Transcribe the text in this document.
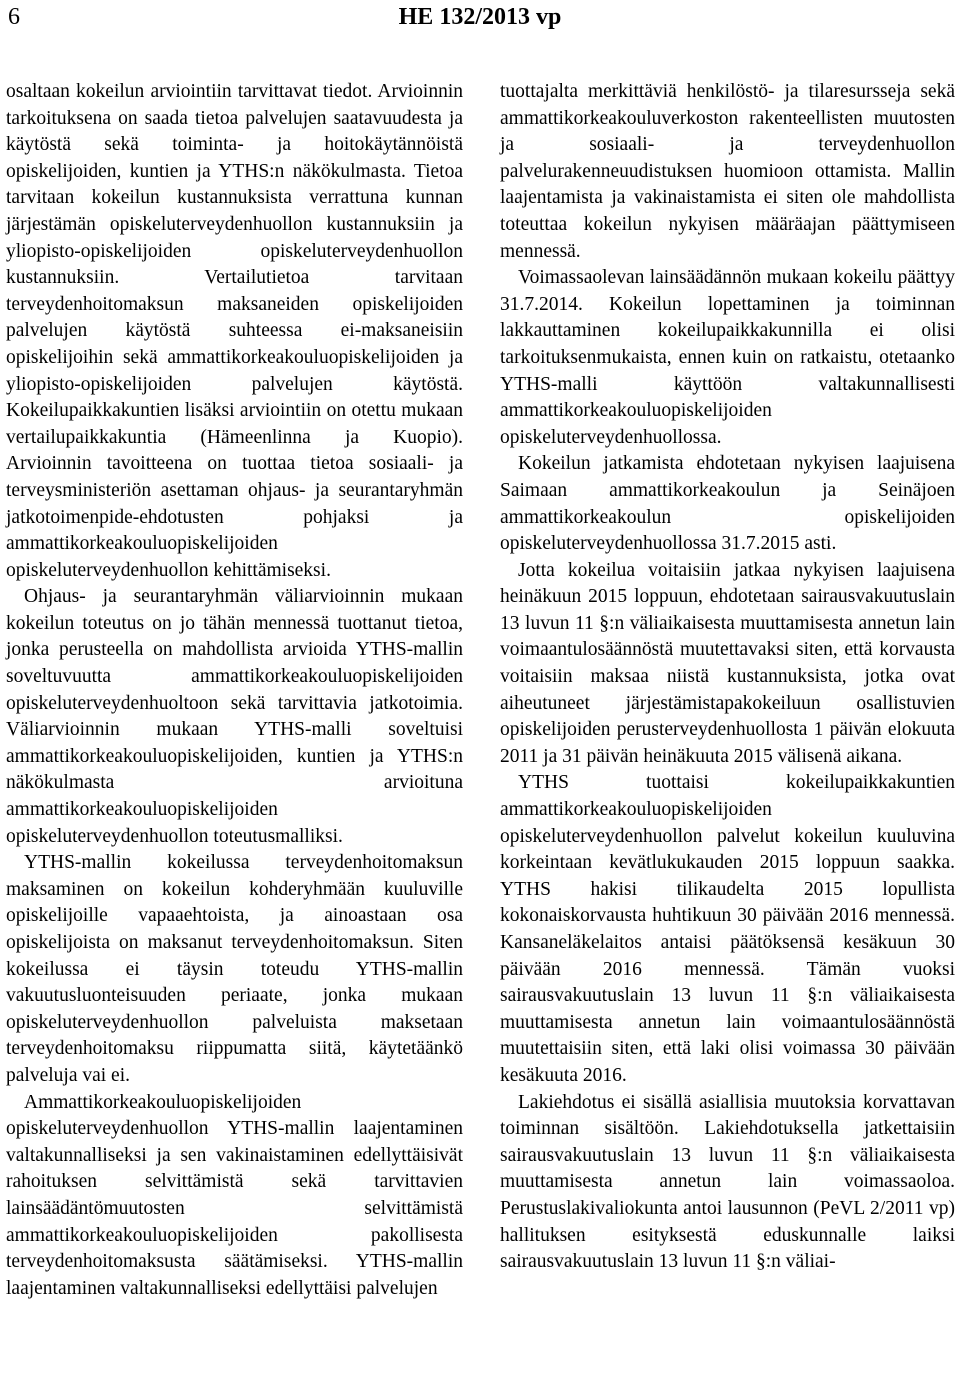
6	HE 132/2013 vp

osaltaan kokeilun arviointiin tarvittavat tiedot. Arvioinnin tarkoituksena on saada tietoa palvelujen saatavuudesta ja käytöstä sekä toiminta- ja hoitokäytännöistä opiskelijoiden, kuntien ja YTHS:n näkökulmasta. Tietoa tarvitaan kokeilun kustannuksista verrattuna kunnan järjestämän opiskeluterveydenhuollon kustannuksiin ja yliopisto-opiskelijoiden opiskeluterveydenhuollon kustannuksiin. Vertailutietoa tarvitaan terveydenhoitomaksun maksaneiden opiskelijoiden palvelujen käytöstä suhteessa ei-maksaneisiin opiskelijoihin sekä ammattikorkeakouluopiskelijoiden ja yliopisto-opiskelijoiden palvelujen käytöstä. Kokeilupaikkakuntien lisäksi arviointiin on otettu mukaan vertailupaikkakuntia (Hämeenlinna ja Kuopio). Arvioinnin tavoitteena on tuottaa tietoa sosiaali- ja terveysministeriön asettaman ohjaus- ja seurantaryhmän jatkotoimenpide-ehdotusten pohjaksi ja ammattikorkeakouluopiskelijoiden opiskeluterveydenhuollon kehittämiseksi.

Ohjaus- ja seurantaryhmän väliarvioinnin mukaan kokeilun toteutus on jo tähän mennessä tuottanut tietoa, jonka perusteella on mahdollista arvioida YTHS-mallin soveltuvuutta ammattikorkeakouluopiskelijoiden opiskeluterveydenhuoltoon sekä tarvittavia jatkotoimia. Väliarvioinnin mukaan YTHS-malli soveltuisi ammattikorkeakouluopiskelijoiden, kuntien ja YTHS:n näkökulmasta arvioituna ammattikorkeakouluopiskelijoiden opiskeluterveydenhuollon toteutusmalliksi.

YTHS-mallin kokeilussa terveydenhoitomaksun maksaminen on kokeilun kohderyhmään kuuluville opiskelijoille vapaaehtoista, ja ainoastaan osa opiskelijoista on maksanut terveydenhoitomaksun. Siten kokeilussa ei täysin toteudu YTHS-mallin vakuutusluonteisuuden periaate, jonka mukaan opiskeluterveydenhuollon palveluista maksetaan terveydenhoitomaksu riippumatta siitä, käytetäänkö palveluja vai ei.

Ammattikorkeakouluopiskelijoiden opiskeluterveydenhuollon YTHS-mallin laajentaminen valtakunnalliseksi ja sen vakinaistaminen edellyttäisivät rahoituksen selvittämistä sekä tarvittavien lainsäädäntömuutosten selvittämistä ammattikorkeakouluopiskelijoiden pakollisesta terveydenhoitomaksusta säätämiseksi. YTHS-mallin laajentaminen valtakunnalliseksi edellyttäisi palvelujen

tuottajalta merkittäviä henkilöstö- ja tilaresursseja sekä ammattikorkeakouluverkoston rakenteellisten muutosten ja sosiaali- ja terveydenhuollon palvelurakenneuudistuksen huomioon ottamista. Mallin laajentamista ja vakinaistamista ei siten ole mahdollista toteuttaa kokeilun nykyisen määräajan päättymiseen mennessä.

Voimassaolevan lainsäädännön mukaan kokeilu päättyy 31.7.2014. Kokeilun lopettaminen ja toiminnan lakkauttaminen kokeilupaikkakunnilla ei olisi tarkoituksenmukaista, ennen kuin on ratkaistu, otetaanko YTHS-malli käyttöön valtakunnallisesti ammattikorkeakouluopiskelijoiden opiskeluterveydenhuollossa.

Kokeilun jatkamista ehdotetaan nykyisen laajuisena Saimaan ammattikorkeakoulun ja Seinäjoen ammattikorkeakoulun opiskelijoiden opiskeluterveydenhuollossa 31.7.2015 asti.

Jotta kokeilua voitaisiin jatkaa nykyisen laajuisena heinäkuun 2015 loppuun, ehdotetaan sairausvakuutuslain 13 luvun 11 §:n väliaikaisesta muuttamisesta annetun lain voimaantulosäännöstä muutettavaksi siten, että korvausta voitaisiin maksaa niistä kustannuksista, jotka ovat aiheutuneet järjestämistapakokeiluun osallistuvien opiskelijoiden perusterveydenhuollosta 1 päivän elokuuta 2011 ja 31 päivän heinäkuuta 2015 välisenä aikana.

YTHS tuottaisi kokeilupaikkakuntien ammattikorkeakouluopiskelijoiden opiskeluterveydenhuollon palvelut kokeilun kuuluvina korkeintaan kevätlukukauden 2015 loppuun saakka. YTHS hakisi tilikaudelta 2015 lopullista kokonaiskorvausta huhtikuun 30 päivään 2016 mennessä. Kansaneläkelaitos antaisi päätöksensä kesäkuun 30 päivään 2016 mennessä. Tämän vuoksi sairausvakuutuslain 13 luvun 11 §:n väliaikaisesta muuttamisesta annetun lain voimaantulosäännöstä muutettaisiin siten, että laki olisi voimassa 30 päivään kesäkuuta 2016.

Lakiehdotus ei sisällä asiallisia muutoksia korvattavan toiminnan sisältöön. Lakiehdotuksella jatkettaisiin sairausvakuutuslain 13 luvun 11 §:n väliaikaisesta muuttamisesta annetun lain voimassaoloa. Perustuslakivaliokunta antoi lausunnon (PeVL 2/2011 vp) hallituksen esityksestä eduskunnalle laiksi sairausvakuutuslain 13 luvun 11 §:n väliai-
